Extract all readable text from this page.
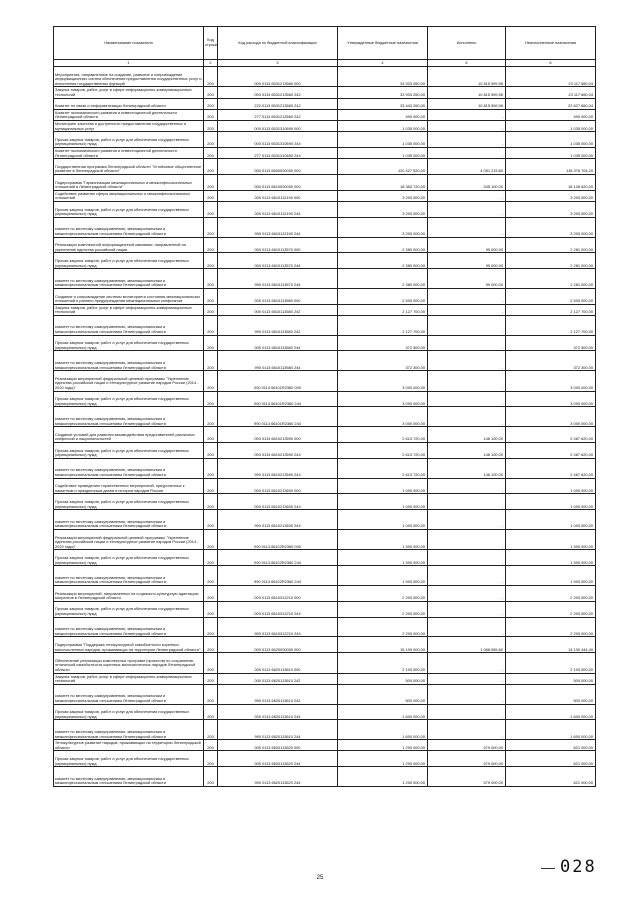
Наименование показателя	Код строки	Код расхода по бюджетной классификации	Утвержденные бюджетные назначения	Исполнено	Неисполненные назначения
1	2	3	4	5	6
Мероприятия, направленные на создание, развитие и сопровождение информационных систем обеспечения предоставления государственных услуг и исполнения государственных функций	200	000 0113 6531213560 000	33 933 260,00	10 815 599,96	23 117 660,04
Закупка товаров, работ, услуг в сфере информационно-коммуникационных технологий	200	000 0113 6531213560 242	33 933 260,00	10 815 599,96	23 117 660,04
Комитет по связи и информатизации Ленинградской области	200	222 0113 6531213560 242	33 443 260,00	10 815 599,96	22 627 660,04
Комитет экономического развития и инвестиционной деятельности Ленинградской области	200	277 0113 6531213560 242	490 000,00	-	490 000,00
Мониторинг качества и доступности предоставления государственных и муниципальных услуг	200	000 0113 6531310690 000	1 035 000,00	-	1 035 000,00
Прочая закупка товаров, работ и услуг для обеспечения государственных (муниципальных) нужд	200	000 0113 6531310690 244	1 035 000,00	-	1 035 000,00
Комитет экономического развития и инвестиционной деятельности Ленинградской области	200	277 0113 6531310690 244	1 035 000,00	-	1 035 000,00
Государственная программа Ленинградской области "Устойчивое общественное развитие в Ленинградской области"	200	000 0113 6600000000 000	120 427 920,00	4 051 215,80	116 376 704,20
Подпрограмма "Гармонизация межнациональных и межконфессиональных отношений в Ленинградской области"	200	000 0113 6610000000 000	18 383 720,00	245 100,00	18 138 620,00
Содействие развитию сферы межнациональных и межконфессиональных отношений	200	000 0113 6610112190 000	3 200 000,00	-	3 200 000,00
Прочая закупка товаров, работ и услуг для обеспечения государственных (муниципальных) нужд	200	000 0113 6610112190 244	3 200 000,00	-	3 200 000,00
комитет по местному самоуправлению, межнациональным и межконфессиональным отношениям Ленинградской области	200	990 0113 6610112190 244	3 200 000,00	-	3 200 000,00
Реализация комплексной информационной кампании, направленной на укрепление единства российской нации	200	000 0113 6610113570 000	2 380 000,00	99 000,00	2 281 000,00
Прочая закупка товаров, работ и услуг для обеспечения государственных (муниципальных) нужд	200	000 0113 6610113570 244	2 380 000,00	99 000,00	2 281 000,00
комитет по местному самоуправлению, межнациональным и межконфессиональным отношениям Ленинградской области	200	990 0113 6610113570 244	2 380 000,00	99 000,00	2 281 000,00
Создание и сопровождение системы мониторинга состояния межнациональных отношений и раннего предупреждения межнациональных конфликтов	200	000 0113 6610113580 000	2 500 000,00	-	2 500 000,00
Закупка товаров, работ, услуг в сфере информационно-коммуникационных технологий	200	000 0113 6610113580 242	2 127 700,00	-	2 127 700,00
комитет по местному самоуправлению, межнациональным и межконфессиональным отношениям Ленинградской области	200	990 0113 6610113580 242	2 127 700,00	-	2 127 700,00
Прочая закупка товаров, работ и услуг для обеспечения государственных (муниципальных) нужд	200	000 0113 6610113580 244	372 300,00	-	372 300,00
комитет по местному самоуправлению, межнациональным и межконфессиональным отношениям Ленинградской области	200	990 0113 6610113580 244	372 300,00	-	372 300,00
Реализация мероприятий федеральной целевой программы "Укрепление единства российской нации и этнокультурное развитие народов России (2014 - 2020 годы)"	200	000 0113 66101R2360 000	3 000 000,00	-	3 000 000,00
Прочая закупка товаров, работ и услуг для обеспечения государственных (муниципальных) нужд	200	000 0113 66101R2360 244	3 000 000,00	-	3 000 000,00
комитет по местному самоуправлению, межнациональным и межконфессиональным отношениям Ленинградской области	200	990 0113 66101R2360 244	3 000 000,00	-	3 000 000,00
Создание условий для развития взаимодействия представителей различных конфессий и национальностей	200	000 0113 6610213590 000	2 613 720,00	146 100,00	2 467 620,00
Прочая закупка товаров, работ и услуг для обеспечения государственных (муниципальных) нужд	200	000 0113 6610213590 244	2 613 720,00	146 100,00	2 467 620,00
комитет по местному самоуправлению, межнациональным и межконфессиональным отношениям Ленинградской области	200	990 0113 6610213590 244	2 613 720,00	146 100,00	2 467 620,00
Содействие проведению торжественных мероприятий, приуроченных к памятным и праздничным датам в истории народов России	200	000 0113 6610213600 000	1 000 000,00	-	1 000 000,00
Прочая закупка товаров, работ и услуг для обеспечения государственных (муниципальных) нужд	200	000 0113 6610213600 244	1 000 000,00	-	1 000 000,00
комитет по местному самоуправлению, межнациональным и межконфессиональным отношениям Ленинградской области	200	990 0113 6610213600 244	1 000 000,00	-	1 000 000,00
Реализация мероприятий федеральной целевой программы "Укрепление единства российской нации и этнокультурное развитие народов России (2014 - 2020 годы)"	200	000 0113 66102R2360 000	1 500 000,00	-	1 500 000,00
Прочая закупка товаров, работ и услуг для обеспечения государственных (муниципальных) нужд	200	000 0113 66102R2360 244	1 500 000,00	-	1 500 000,00
комитет по местному самоуправлению, межнациональным и межконфессиональным отношениям Ленинградской области	200	990 0113 66102R2360 244	1 500 000,00	-	1 500 000,00
Реализация мероприятий, направленных на социально-культурную адаптацию мигрантов в Ленинградской области	200	000 0113 6610312210 000	2 200 000,00	-	2 200 000,00
Прочая закупка товаров, работ и услуг для обеспечения государственных (муниципальных) нужд	200	000 0113 6610312210 244	2 200 000,00	-	2 200 000,00
комитет по местному самоуправлению, межнациональным и межконфессиональным отношениям Ленинградской области	200	990 0113 6610312210 244	2 200 000,00	-	2 200 000,00
Подпрограмма "Поддержка этнокультурной самобытности коренных малочисленных народов, проживающих на территории Ленинградской области"	200	000 0113 6620000000 000	15 199 000,00	1 068 555,60	14 130 444,40
Обеспечение реализации комплексных программ (проектов) по сохранению этнической самобытности коренных малочисленных народов Ленинградской области	200	000 0113 6620113610 000	2 100 000,00	-	2 100 000,00
Закупка товаров, работ, услуг в сфере информационно-коммуникационных технологий	200	000 0113 6620113610 242	500 000,00	-	500 000,00
комитет по местному самоуправлению, межнациональным и межконфессиональным отношениям Ленинградской области	200	990 0113 6620113610 242	500 000,00	-	500 000,00
Прочая закупка товаров, работ и услуг для обеспечения государственных (муниципальных) нужд	200	000 0113 6620113610 244	1 600 000,00	-	1 600 000,00
комитет по местному самоуправлению, межнациональным и межконфессиональным отношениям Ленинградской области	200	990 0113 6620113610 244	1 600 000,00	-	1 600 000,00
Этнокультурное развитие народов, проживающих на территории Ленинградской области	200	000 0113 6620113620 000	1 200 000,00	579 000,00	621 000,00
Прочая закупка товаров, работ и услуг для обеспечения государственных (муниципальных) нужд	200	000 0113 6620113620 244	1 200 000,00	579 000,00	621 000,00
комитет по местному самоуправлению, межнациональным и межконфессиональным отношениям Ленинградской области	200	990 0113 6620113620 244	1 200 000,00	579 000,00	621 000,00
028
25
